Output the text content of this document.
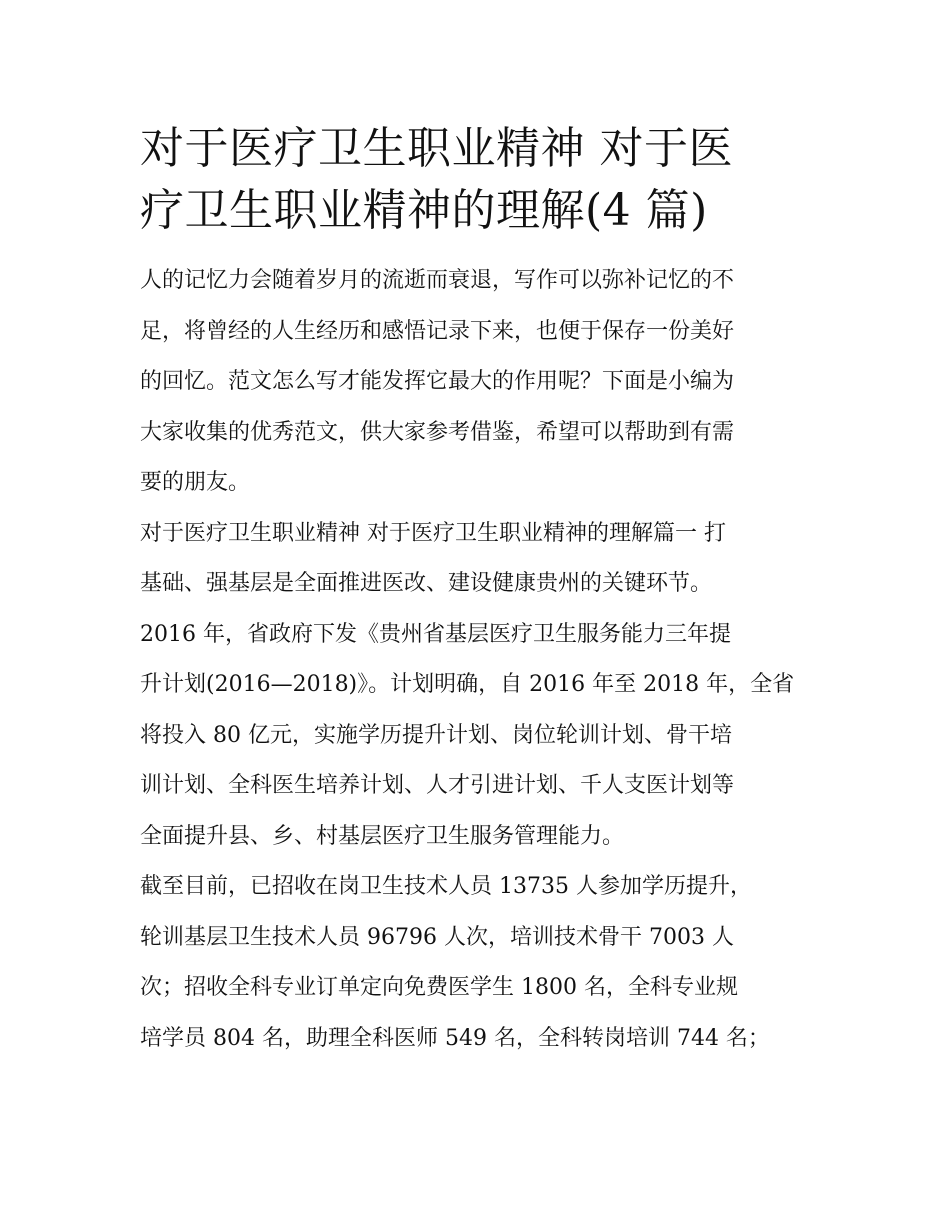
对于医疗卫生职业精神 对于医
疗卫生职业精神的理解(4 篇)

人的记忆力会随着岁月的流逝而衰退，写作可以弥补记忆的不
足，将曾经的人生经历和感悟记录下来，也便于保存一份美好
的回忆。范文怎么写才能发挥它最大的作用呢？下面是小编为
大家收集的优秀范文，供大家参考借鉴，希望可以帮助到有需
要的朋友。

对于医疗卫生职业精神 对于医疗卫生职业精神的理解篇一 打
基础、强基层是全面推进医改、建设健康贵州的关键环节。

2016 年，省政府下发《贵州省基层医疗卫生服务能力三年提
升计划(2016—2018)》。计划明确，自 2016 年至 2018 年，全省
将投入 80 亿元，实施学历提升计划、岗位轮训计划、骨干培
训计划、全科医生培养计划、人才引进计划、千人支医计划等
全面提升县、乡、村基层医疗卫生服务管理能力。

截至目前，已招收在岗卫生技术人员 13735 人参加学历提升，
轮训基层卫生技术人员 96796 人次，培训技术骨干 7003 人
次；招收全科专业订单定向免费医学生 1800 名，全科专业规
培学员 804 名，助理全科医师 549 名，全科转岗培训 744 名；
